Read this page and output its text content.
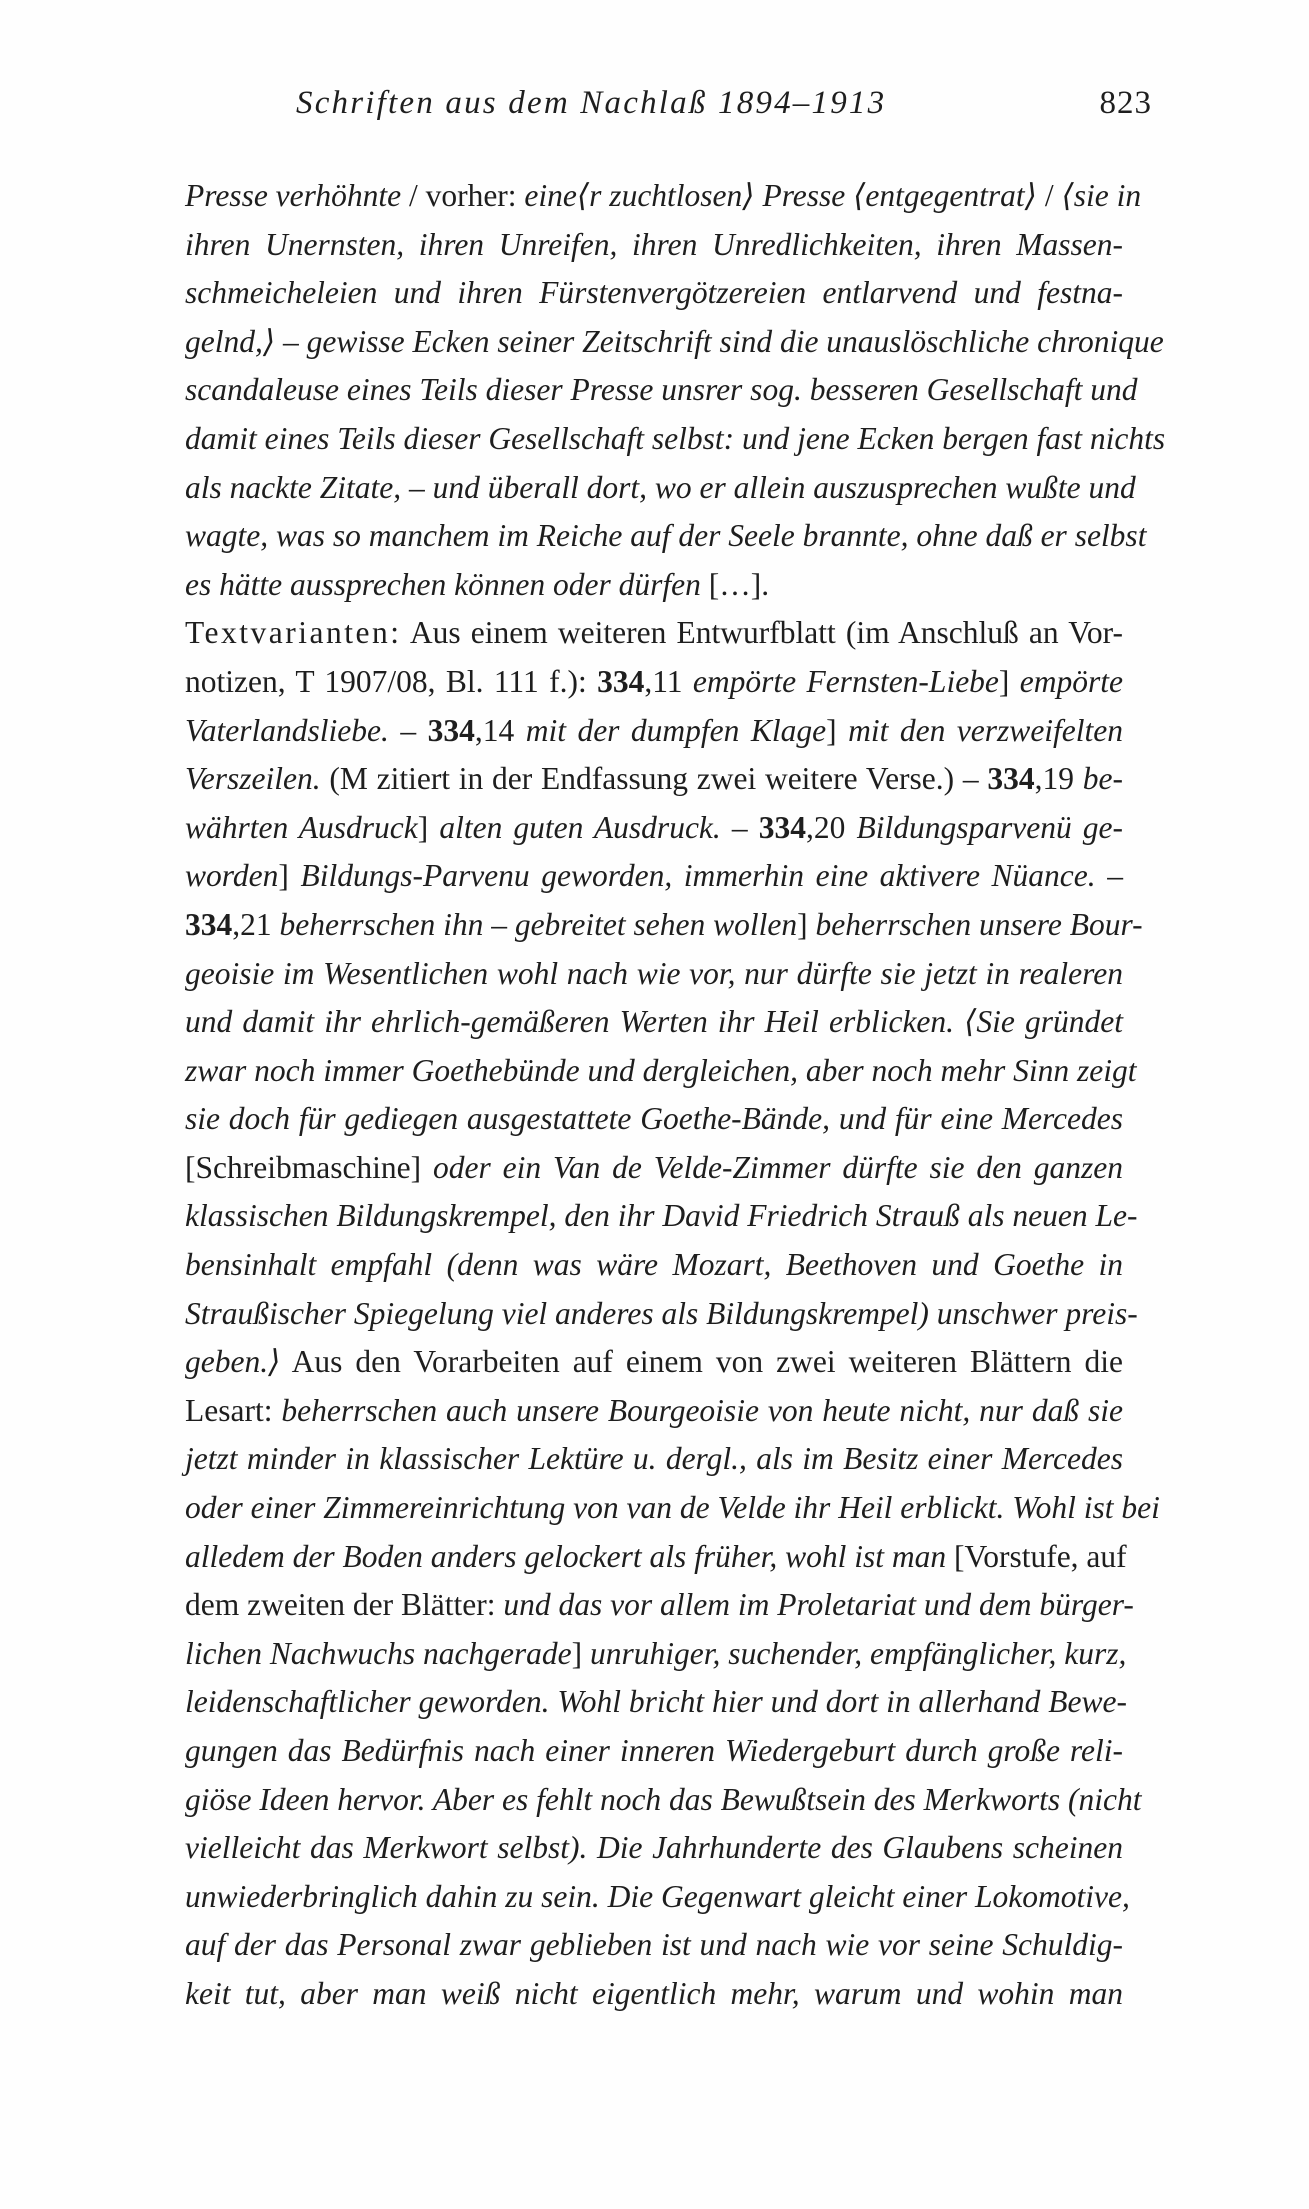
Schriften aus dem Nachlaß 1894–1913	823
Presse verhöhnte / vorher: eine⟨r zuchtlosen⟩ Presse ⟨entgegentrat⟩ / ⟨sie in
ihren Unernsten, ihren Unreifen, ihren Unredlichkeiten, ihren Massen-
schmeicheleien und ihren Fürstenvergötzereien entlarvend und festna-
gelnd,⟩ – gewisse Ecken seiner Zeitschrift sind die unauslöschliche chronique
scandaleuse eines Teils dieser Presse unsrer sog. besseren Gesellschaft und
damit eines Teils dieser Gesellschaft selbst: und jene Ecken bergen fast nichts
als nackte Zitate, – und überall dort, wo er allein auszusprechen wußte und
wagte, was so manchem im Reiche auf der Seele brannte, ohne daß er selbst
es hätte aussprechen können oder dürfen […].
Textvarianten: Aus einem weiteren Entwurfblatt (im Anschluß an Vor-
notizen, T 1907/08, Bl. 111 f.): 334,11 empörte Fernsten-Liebe] empörte
Vaterlandsliebe. – 334,14 mit der dumpfen Klage] mit den verzweifelten
Verszeilen. (M zitiert in der Endfassung zwei weitere Verse.) – 334,19 be-
währten Ausdruck] alten guten Ausdruck. – 334,20 Bildungsparvenü ge-
worden] Bildungs-Parvenu geworden, immerhin eine aktivere Nüance. –
334,21 beherrschen ihn – gebreitet sehen wollen] beherrschen unsere Bour-
geoisie im Wesentlichen wohl nach wie vor, nur dürfte sie jetzt in realeren
und damit ihr ehrlich-gemäßeren Werten ihr Heil erblicken. ⟨Sie gründet
zwar noch immer Goethebünde und dergleichen, aber noch mehr Sinn zeigt
sie doch für gediegen ausgestattete Goethe-Bände, und für eine Mercedes
[Schreibmaschine] oder ein Van de Velde-Zimmer dürfte sie den ganzen
klassischen Bildungskrempel, den ihr David Friedrich Strauß als neuen Le-
bensinhalt empfahl (denn was wäre Mozart, Beethoven und Goethe in
Straußischer Spiegelung viel anderes als Bildungskrempel) unschwer preis-
geben.⟩ Aus den Vorarbeiten auf einem von zwei weiteren Blättern die
Lesart: beherrschen auch unsere Bourgeoisie von heute nicht, nur daß sie
jetzt minder in klassischer Lektüre u. dergl., als im Besitz einer Mercedes
oder einer Zimmereinrichtung von van de Velde ihr Heil erblickt. Wohl ist bei
alledem der Boden anders gelockert als früher, wohl ist man [Vorstufe, auf
dem zweiten der Blätter: und das vor allem im Proletariat und dem bürger-
lichen Nachwuchs nachgerade] unruhiger, suchender, empfänglicher, kurz,
leidenschaftlicher geworden. Wohl bricht hier und dort in allerhand Bewe-
gungen das Bedürfnis nach einer inneren Wiedergeburt durch große reli-
giöse Ideen hervor. Aber es fehlt noch das Bewußtsein des Merkworts (nicht
vielleicht das Merkwort selbst). Die Jahrhunderte des Glaubens scheinen
unwiederbringlich dahin zu sein. Die Gegenwart gleicht einer Lokomotive,
auf der das Personal zwar geblieben ist und nach wie vor seine Schuldig-
keit tut, aber man weiß nicht eigentlich mehr, warum und wohin man
